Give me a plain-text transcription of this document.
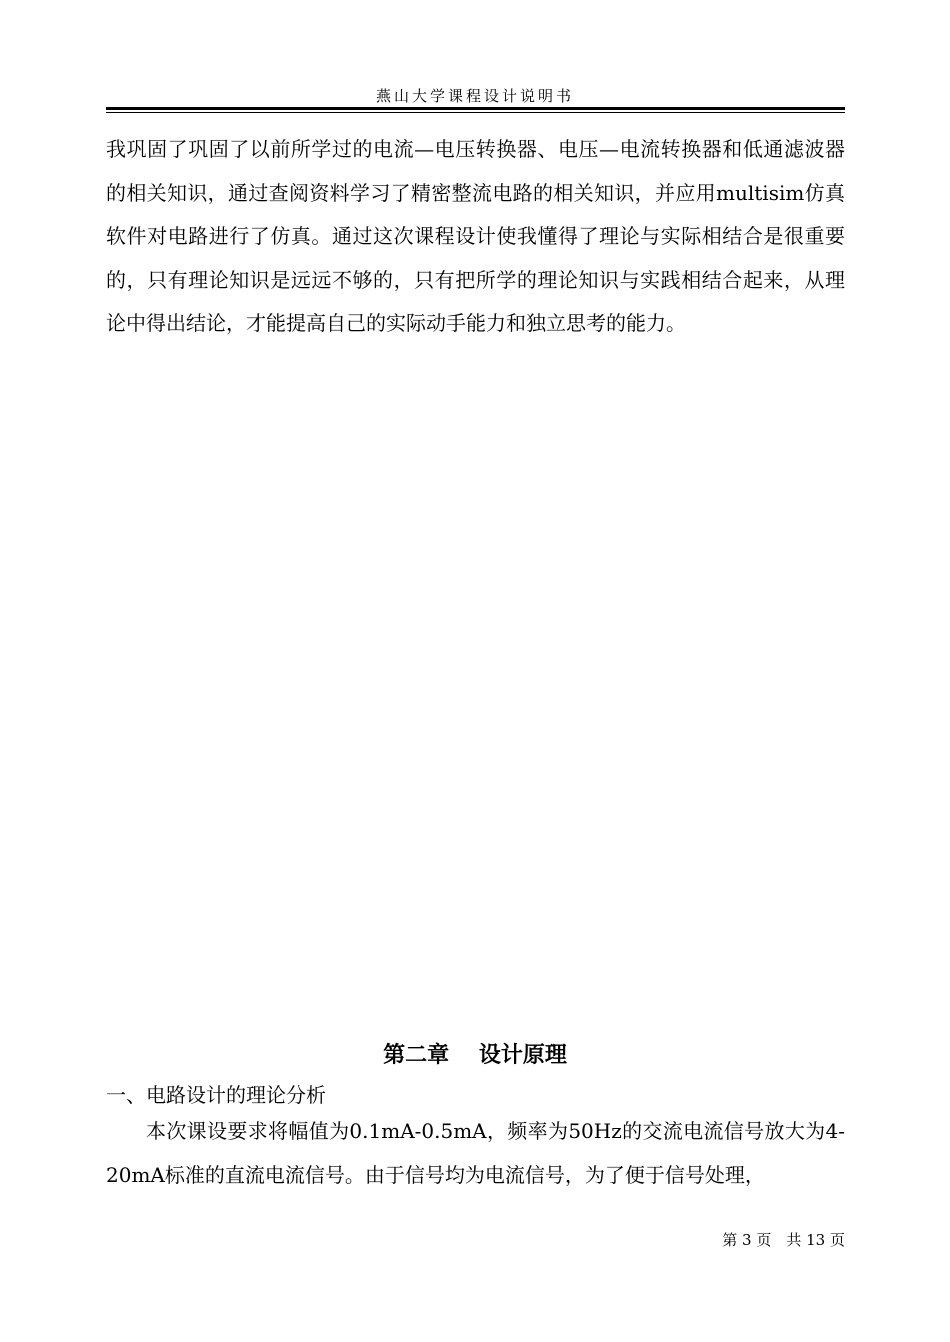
燕山大学课程设计说明书

我巩固了巩固了以前所学过的电流—电压转换器、电压—电流转换器和低通滤波器的相关知识，通过查阅资料学习了精密整流电路的相关知识，并应用multisim仿真软件对电路进行了仿真。通过这次课程设计使我懂得了理论与实际相结合是很重要的，只有理论知识是远远不够的，只有把所学的理论知识与实践相结合起来，从理论中得出结论，才能提高自己的实际动手能力和独立思考的能力。

第二章　 设计原理
一、电路设计的理论分析

本次课设要求将幅值为0.1mA-0.5mA，频率为50Hz的交流电流信号放大为4-20mA标准的直流电流信号。由于信号均为电流信号，为了便于信号处理，

第 3 页　共 13 页
